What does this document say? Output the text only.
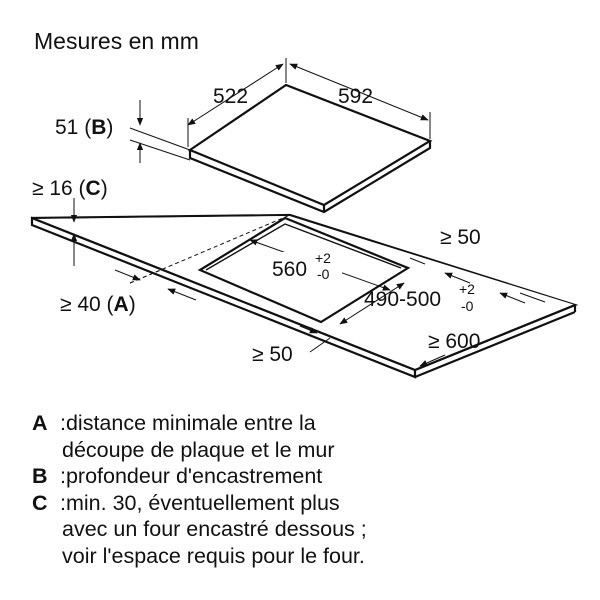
Mesures en mm
522	592
51 (B)
≥ 16 (C)
≥ 40 (A)
560 +2
-0
490-500 +2
-0
≥ 50
≥ 50
≥ 600
A :distance minimale entre la
découpe de plaque et le mur
B :profondeur d'encastrement
C :min. 30, éventuellement plus
avec un four encastré dessous ;
voir l'espace requis pour le four.
